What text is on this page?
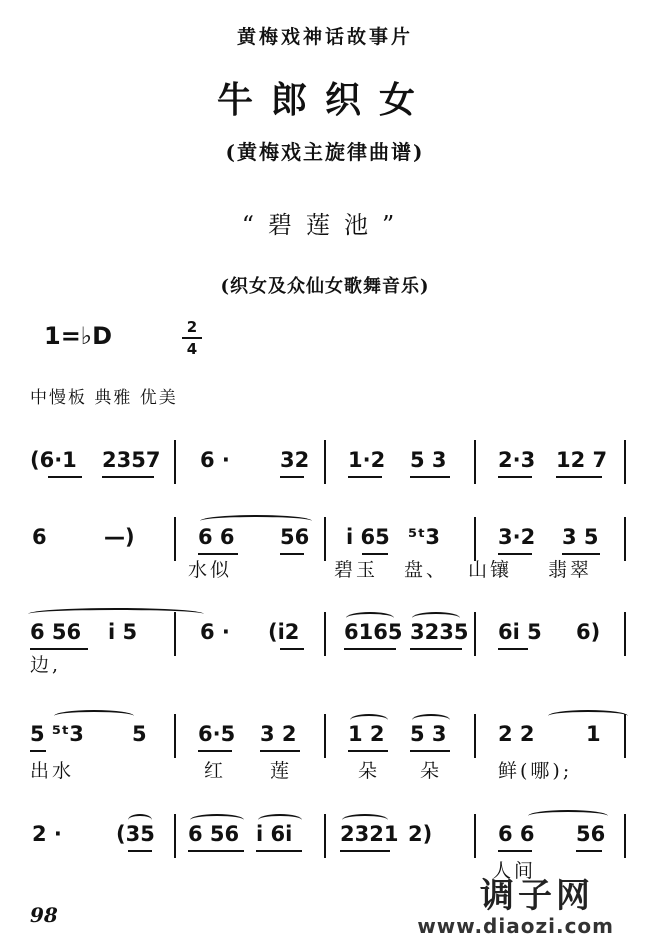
黄梅戏神话故事片
牛郎织女
(黄梅戏主旋律曲谱)
“碧莲池”
(织女及众仙女歌舞音乐)
1=♭D	2
4
中慢板 典雅 优美
(6·1 2357 6 · 32 1·2 5 3 2·3 12 7
6	—)	6 6 56 i 65 ⁵ᵗ3	3·2 3 5
水似	碧玉 盘、 山镶 翡翠
6 56 i 5	6 · (i2 6165 3235 6i 5 6)
边,
5 ⁵ᵗ3 5 6·5 3 2 1 2 5 3 2 2 1
出水	红 莲	朵 朵	鲜(哪);
2 ·	(35 6 56 i 6i 2321 2)	6 6 56
人间
98	调子网
www.diaozi.com
